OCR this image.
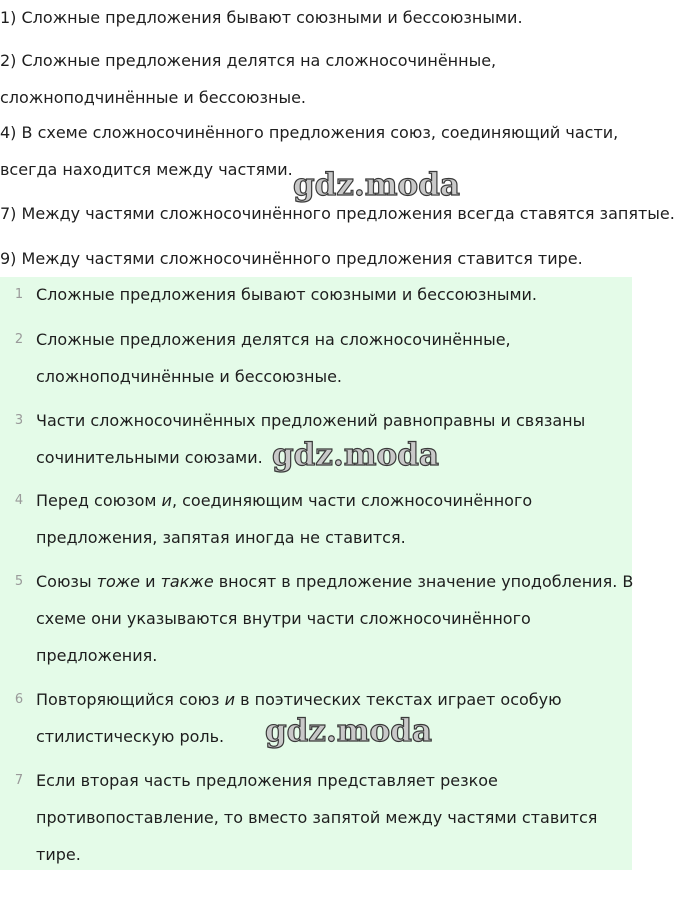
1) Сложные предложения бывают союзными и бессоюзными.
2) Сложные предложения делятся на сложносочинённые,
сложноподчинённые и бессоюзные.
4) В схеме сложносочинённого предложения союз, соединяющий части,
всегда находится между частями.
7) Между частями сложносочинённого предложения всегда ставятся запятые.
9) Между частями сложносочинённого предложения ставится тире.
1 Сложные предложения бывают союзными и бессоюзными.
2 Сложные предложения делятся на сложносочинённые,
сложноподчинённые и бессоюзные.
3 Части сложносочинённых предложений равноправны и связаны
сочинительными союзами.
4 Перед союзом и, соединяющим части сложносочинённого
предложения, запятая иногда не ставится.
5 Союзы тоже и также вносят в предложение значение уподобления. В
схеме они указываются внутри части сложносочинённого
предложения.
6 Повторяющийся союз и в поэтических текстах играет особую
стилистическую роль.
7 Если вторая часть предложения представляет резкое
противопоставление, то вместо запятой между частями ставится
тире.
gdz.moda
gdz.moda
gdz.moda
